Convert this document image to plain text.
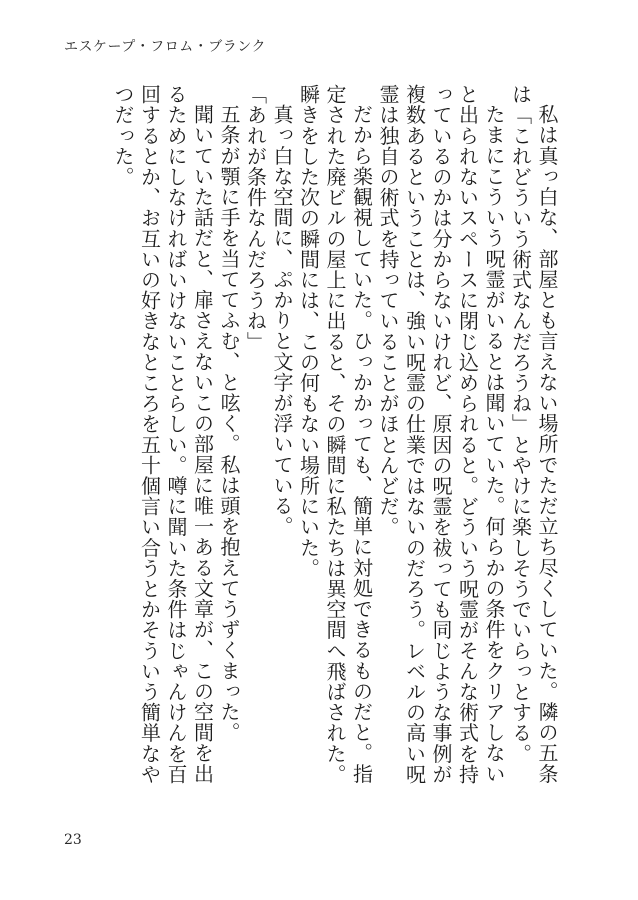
エスケープ・フロム・ブランク

私は真っ白な、部屋とも言えない場所でただ立ち尽くしていた。隣の五条は「これどういう術式なんだろうね」とやけに楽しそうでいらっとする。

たまにこういう呪霊がいるとは聞いていた。何らかの条件をクリアしないと出られないスペースに閉じ込められると。どういう呪霊がそんな術式を持っているのかは分からないけれど、原因の呪霊を祓っても同じような事例が複数あるということは、強い呪霊の仕業ではないのだろう。レベルの高い呪霊は独自の術式を持っていることがほとんどだ。

だから楽観視していた。ひっかかっても、簡単に対処できるものだと。指定された廃ビルの屋上に出ると、その瞬間に私たちは異空間へ飛ばされた。瞬きをした次の瞬間には、この何もない場所にいた。

真っ白な空間に、ぷかりと文字が浮いている。

「あれが条件なんだろうね」

五条が顎に手を当ててふむ、と呟く。私は頭を抱えてうずくまった。

聞いていた話だと、扉さえないこの部屋に唯一ある文章が、この空間を出るためにしなければいけないことらしい。噂に聞いた条件はじゃんけんを百回するとか、お互いの好きなところを五十個言い合うとかそういう簡単なやつだった。

23
